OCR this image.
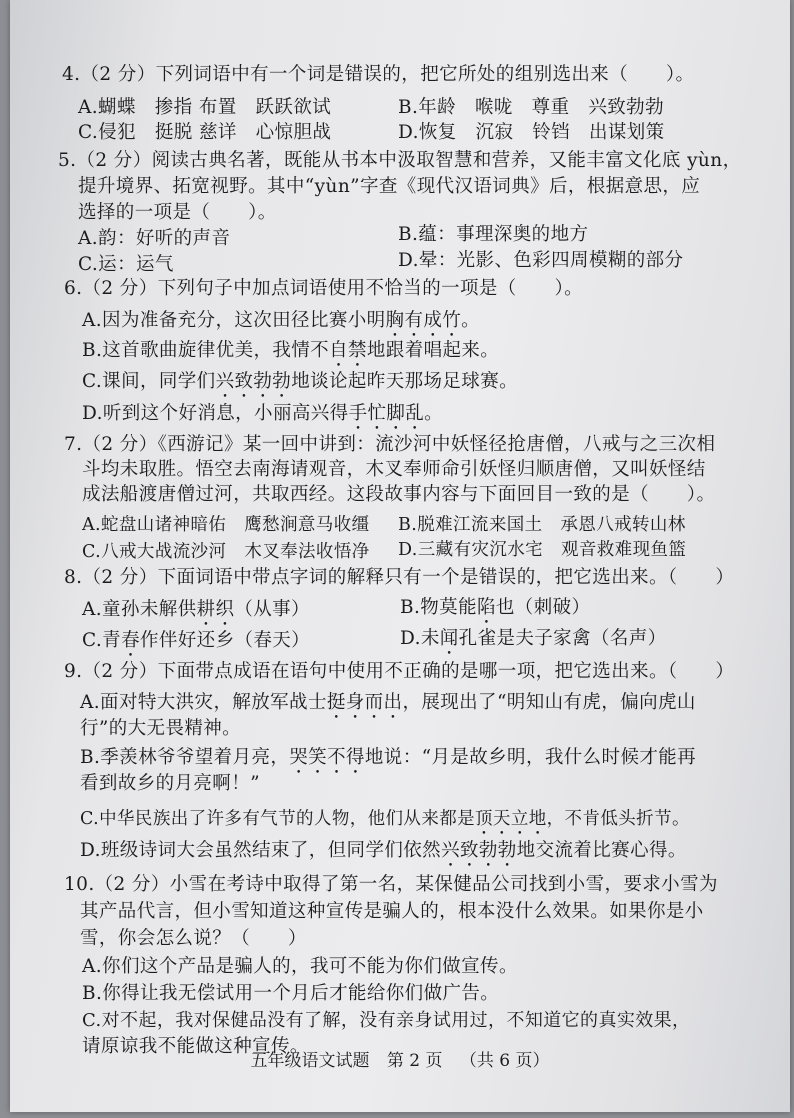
4.（2 分）下列词语中有一个词是错误的，把它所处的组别选出来（　　）。
A.蝴蝶　掺指 布置　跃跃欲试	B.年龄　喉咙　尊重　兴致勃勃
C.侵犯　挺脱 慈详　心惊胆战	D.恢复　沉寂　铃铛　出谋划策
5.（2 分）阅读古典名著，既能从书本中汲取智慧和营养，又能丰富文化底 yùn，
提升境界、拓宽视野。其中“yùn”字查《现代汉语词典》后，根据意思，应
选择的一项是（　　）。
A.韵：好听的声音	B.蕴：事理深奥的地方
C.运：运气	D.晕：光影、色彩四周模糊的部分
6.（2 分）下列句子中加点词语使用不恰当的一项是（　　）。
A.因为准备充分，这次田径比赛小明胸有成竹。
B.这首歌曲旋律优美，我情不自禁地跟着唱起来。
C.课间，同学们兴致勃勃地谈论起昨天那场足球赛。
D.听到这个好消息，小丽高兴得手忙脚乱。
7.（2 分）《西游记》某一回中讲到：流沙河中妖怪径抢唐僧，八戒与之三次相
斗均未取胜。悟空去南海请观音，木叉奉师命引妖怪归顺唐僧，又叫妖怪结
成法船渡唐僧过河，共取西经。这段故事内容与下面回目一致的是（　　）。
A.蛇盘山诸神暗佑　鹰愁涧意马收缰 B.脱难江流来国土　承恩八戒转山林
C.八戒大战流沙河　木叉奉法收悟净 D.三藏有灾沉水宅　观音救难现鱼篮
8.（2 分）下面词语中带点字词的解释只有一个是错误的，把它选出来。（　　）
A.童孙未解供耕织（从事）	B.物莫能陷也（刺破）
C.青春作伴好还乡（春天）	D.未闻孔雀是夫子家禽（名声）
9.（2 分）下面带点成语在语句中使用不正确的是哪一项，把它选出来。（　　）
A.面对特大洪灾，解放军战士挺身而出，展现出了“明知山有虎，偏向虎山
行”的大无畏精神。
B.季羡林爷爷望着月亮，哭笑不得地说：“月是故乡明，我什么时候才能再
看到故乡的月亮啊！”
C.中华民族出了许多有气节的人物，他们从来都是顶天立地，不肯低头折节。
D.班级诗词大会虽然结束了，但同学们依然兴致勃勃地交流着比赛心得。
10.（2 分）小雪在考诗中取得了第一名，某保健品公司找到小雪，要求小雪为
其产品代言，但小雪知道这种宣传是骗人的，根本没什么效果。如果你是小
雪，你会怎么说？（　　）
A.你们这个产品是骗人的，我可不能为你们做宣传。
B.你得让我无偿试用一个月后才能给你们做广告。
C.对不起，我对保健品没有了解，没有亲身试用过，不知道它的真实效果，
请原谅我不能做这种宣传。
五年级语文试题 第 2 页 （共 6 页）
